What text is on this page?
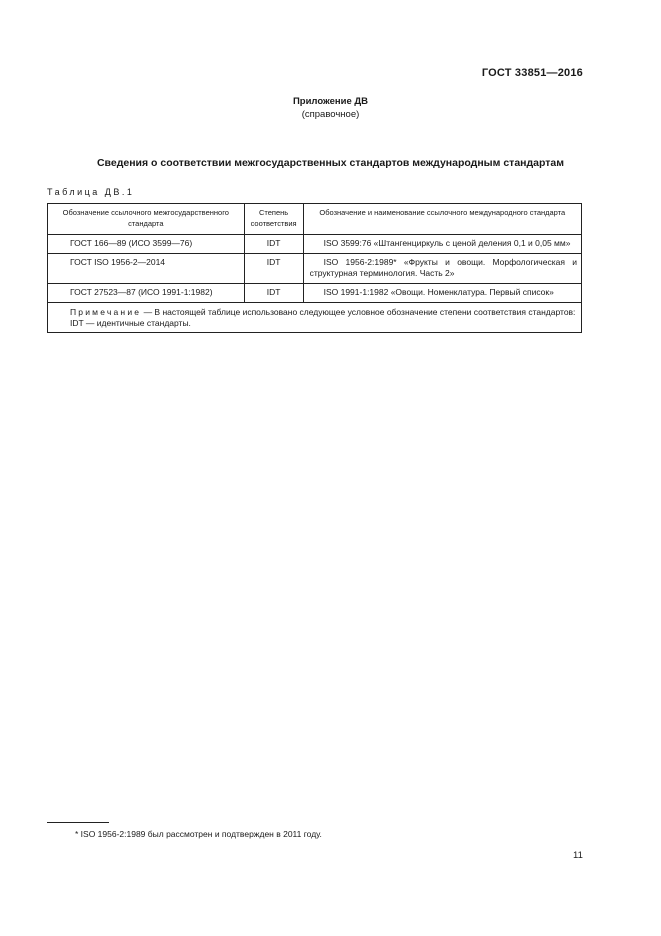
ГОСТ 33851—2016
Приложение ДВ
(справочное)
Сведения о соответствии межгосударственных стандартов международным стандартам
Таблица ДВ.1
Обозначение ссылочного межгосударственного стандарта	Степень соответствия	Обозначение и наименование ссылочного международного стандарта
ГОСТ 166—89 (ИСО 3599—76)	IDT	ISO 3599:76 «Штангенциркуль с ценой деления 0,1 и 0,05 мм»
ГОСТ ISO 1956-2—2014	IDT	ISO 1956-2:1989* «Фрукты и овощи. Морфологическая и структурная терминология. Часть 2»
ГОСТ 27523—87 (ИСО 1991-1:1982)	IDT	ISO 1991-1:1982 «Овощи. Номенклатура. Первый список»
Примечание — В настоящей таблице использовано следующее условное обозначение степени соответствия стандартов:
IDT — идентичные стандарты.		
* ISO 1956-2:1989 был рассмотрен и подтвержден в 2011 году.
11
